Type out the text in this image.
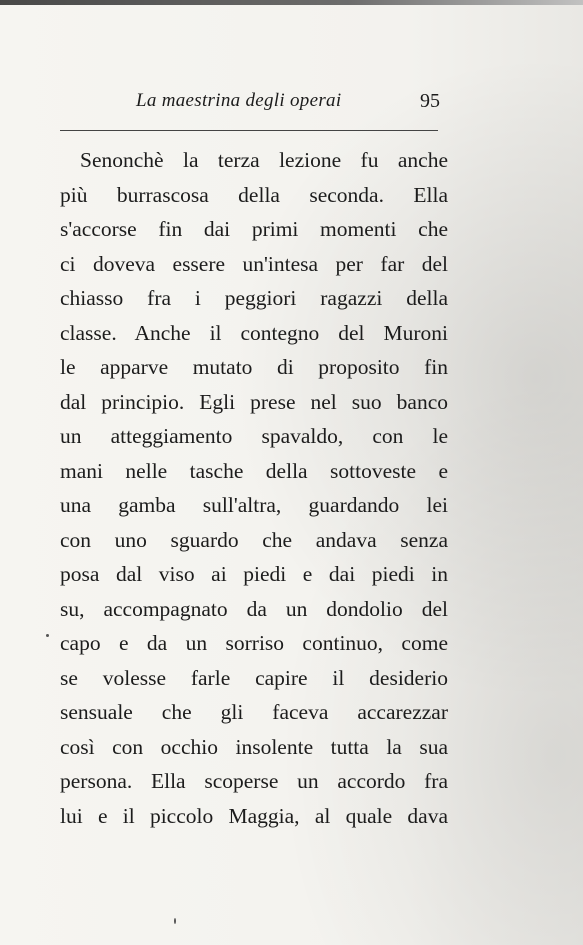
La maestrina degli operai	95
Senonchè la terza lezione fu anche
più burrascosa della seconda. Ella
s'accorse fin dai primi momenti che
ci doveva essere un'intesa per far del
chiasso fra i peggiori ragazzi della
classe. Anche il contegno del Muroni
le apparve mutato di proposito fin
dal principio. Egli prese nel suo banco
un atteggiamento spavaldo, con le
mani nelle tasche della sottoveste e
una gamba sull'altra, guardando lei
con uno sguardo che andava senza
posa dal viso ai piedi e dai piedi in
su, accompagnato da un dondolio del
capo e da un sorriso continuo, come
se volesse farle capire il desiderio
sensuale che gli faceva accarezzar
così con occhio insolente tutta la sua
persona. Ella scoperse un accordo fra
lui e il piccolo Maggia, al quale dava
